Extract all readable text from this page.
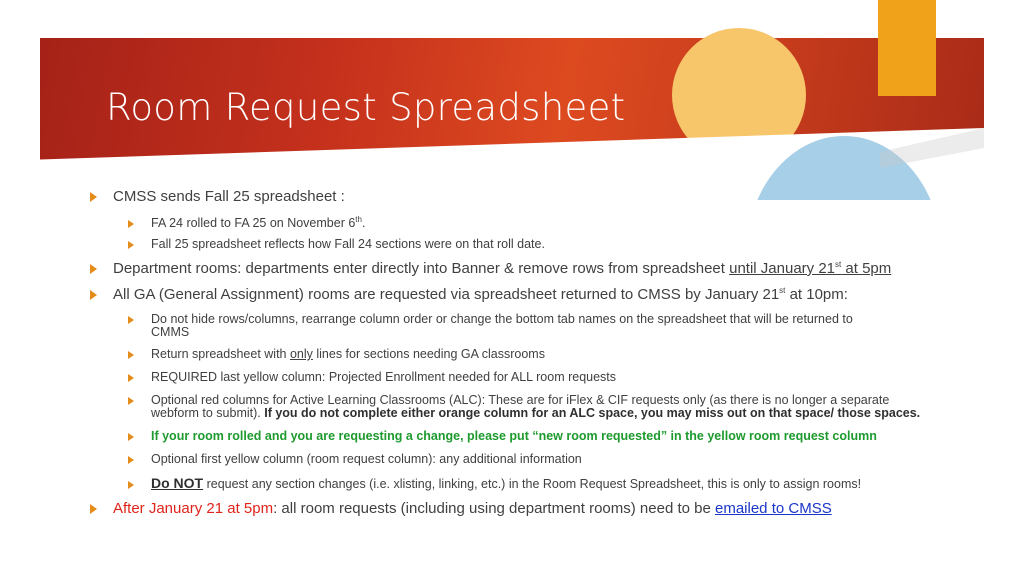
Room Request Spreadsheet
CMSS sends Fall 25 spreadsheet :
FA 24 rolled to FA 25 on November 6th.
Fall 25 spreadsheet reflects how Fall 24 sections were on that roll date.
Department rooms: departments enter directly into Banner & remove rows from spreadsheet until January 21st at 5pm
All GA (General Assignment) rooms are requested via spreadsheet returned to CMSS by January 21st at 10pm:
Do not hide rows/columns, rearrange column order or change the bottom tab names on the spreadsheet that will be returned to
CMMS
Return spreadsheet with only lines for sections needing GA classrooms
REQUIRED last yellow column: Projected Enrollment needed for ALL room requests
Optional red columns for Active Learning Classrooms (ALC): These are for iFlex & CIF requests only (as there is no longer a separate
webform to submit). If you do not complete either orange column for an ALC space, you may miss out on that space/ those spaces.
If your room rolled and you are requesting a change, please put “new room requested” in the yellow room request column
Optional first yellow column (room request column): any additional information
Do NOT request any section changes (i.e. xlisting, linking, etc.) in the Room Request Spreadsheet, this is only to assign rooms!
After January 21 at 5pm: all room requests (including using department rooms) need to be emailed to CMSS
